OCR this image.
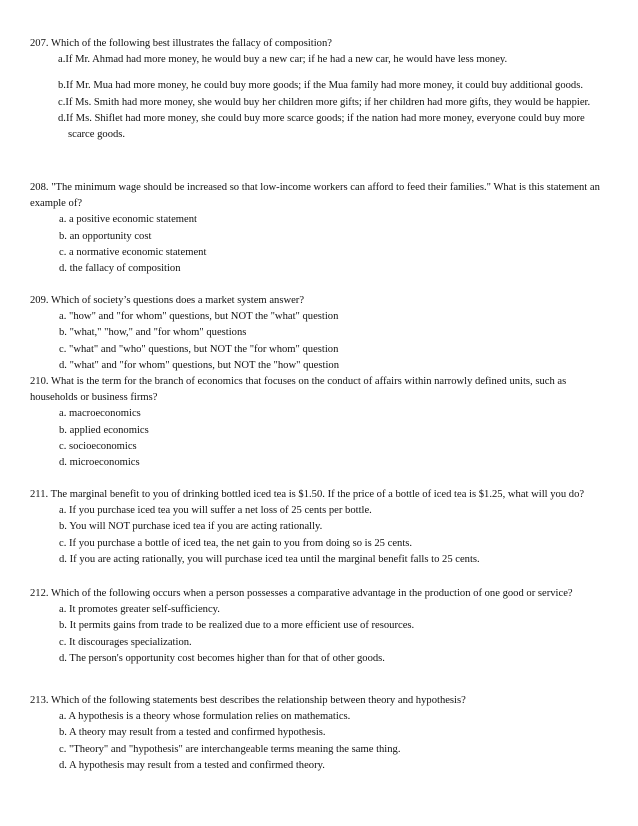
207. Which of the following best illustrates the fallacy of composition?

a.If Mr. Ahmad had more money, he would buy a new car; if he had a new car, he would have less money.

b.If Mr. Mua had more money, he could buy more goods; if the Mua family had more money, it could buy additional goods.

c.If Ms. Smith had more money, she would buy her children more gifts; if her children had more gifts, they would be happier.

d.If Ms. Shiflet had more money, she could buy more scarce goods; if the nation had more money, everyone could buy more scarce goods.

208. "The minimum wage should be increased so that low-income workers can afford to feed their families." What is this statement an example of?

a. a positive economic statement

b. an opportunity cost

c. a normative economic statement

d. the fallacy of composition

209. Which of society’s questions does a market system answer?

a. "how" and "for whom" questions, but NOT the "what" question

b. "what," "how," and "for whom" questions

c. "what" and "who" questions, but NOT the "for whom" question

d. "what" and "for whom" questions, but NOT the "how" question

210. What is the term for the branch of economics that focuses on the conduct of affairs within narrowly defined units, such as households or business firms?

a. macroeconomics

b. applied economics

c. socioeconomics

d. microeconomics

211. The marginal benefit to you of drinking bottled iced tea is $1.50. If the price of a bottle of iced tea is $1.25, what will you do?

a. If you purchase iced tea you will suffer a net loss of 25 cents per bottle.

b. You will NOT purchase iced tea if you are acting rationally.

c. If you purchase a bottle of iced tea, the net gain to you from doing so is 25 cents.

d. If you are acting rationally, you will purchase iced tea until the marginal benefit falls to 25 cents.

212. Which of the following occurs when a person possesses a comparative advantage in the production of one good or service?

a. It promotes greater self-sufficiency.

b. It permits gains from trade to be realized due to a more efficient use of resources.

c. It discourages specialization.

d. The person's opportunity cost becomes higher than for that of other goods.

213. Which of the following statements best describes the relationship between theory and hypothesis?

a. A hypothesis is a theory whose formulation relies on mathematics.

b. A theory may result from a tested and confirmed hypothesis.

c. "Theory" and "hypothesis" are interchangeable terms meaning the same thing.

d. A hypothesis may result from a tested and confirmed theory.
